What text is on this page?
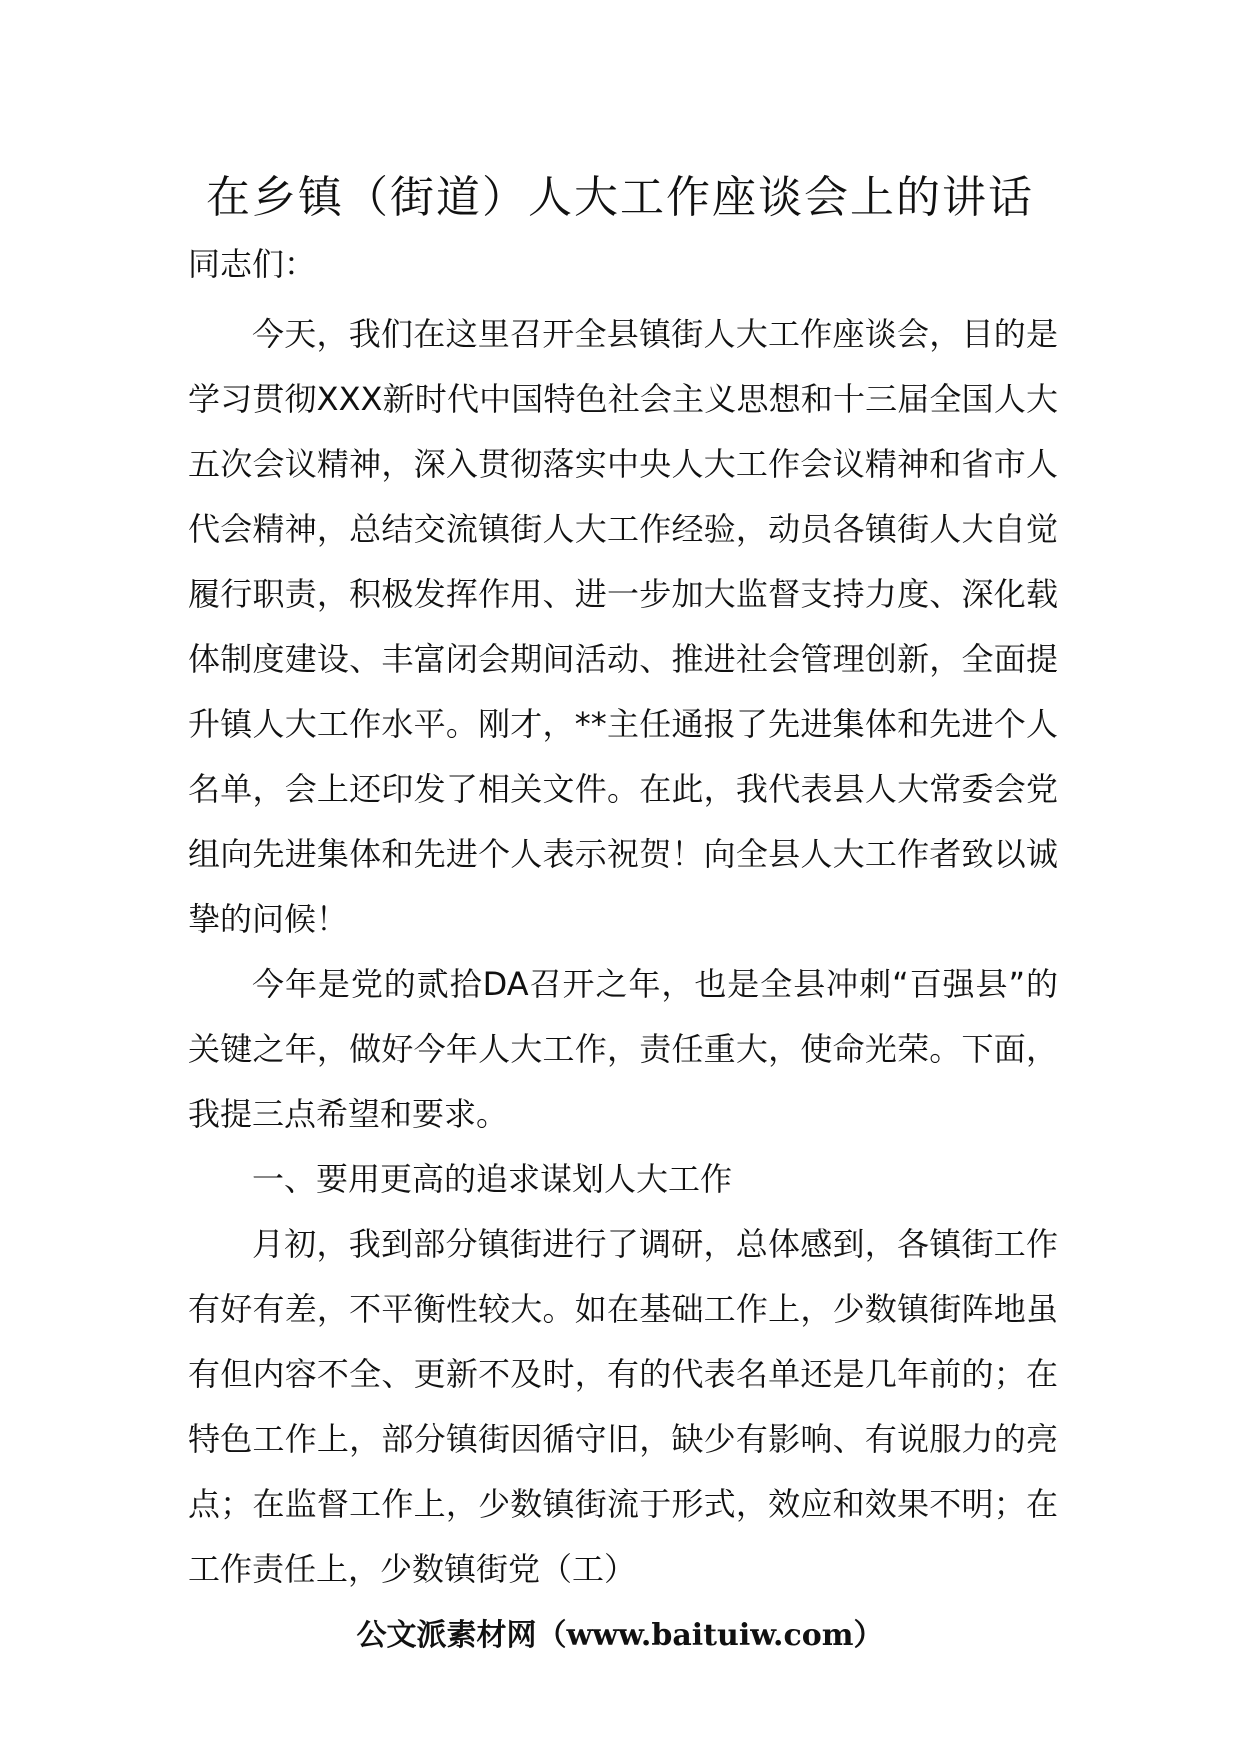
在乡镇（街道）人大工作座谈会上的讲话
同志们：

今天，我们在这里召开全县镇街人大工作座谈会，目的是学习贯彻XXX新时代中国特色社会主义思想和十三届全国人大五次会议精神，深入贯彻落实中央人大工作会议精神和省市人代会精神，总结交流镇街人大工作经验，动员各镇街人大自觉履行职责，积极发挥作用、进一步加大监督支持力度、深化载体制度建设、丰富闭会期间活动、推进社会管理创新，全面提升镇人大工作水平。刚才，**主任通报了先进集体和先进个人名单，会上还印发了相关文件。在此，我代表县人大常委会党组向先进集体和先进个人表示祝贺！向全县人大工作者致以诚挚的问候！

今年是党的贰拾DA召开之年，也是全县冲刺“百强县”的关键之年，做好今年人大工作，责任重大，使命光荣。下面，我提三点希望和要求。

一、要用更高的追求谋划人大工作

月初，我到部分镇街进行了调研，总体感到，各镇街工作有好有差，不平衡性较大。如在基础工作上，少数镇街阵地虽有但内容不全、更新不及时，有的代表名单还是几年前的；在特色工作上，部分镇街因循守旧，缺少有影响、有说服力的亮点；在监督工作上，少数镇街流于形式，效应和效果不明；在工作责任上，少数镇街党（工）

公文派素材网（www.baituiw.com）
